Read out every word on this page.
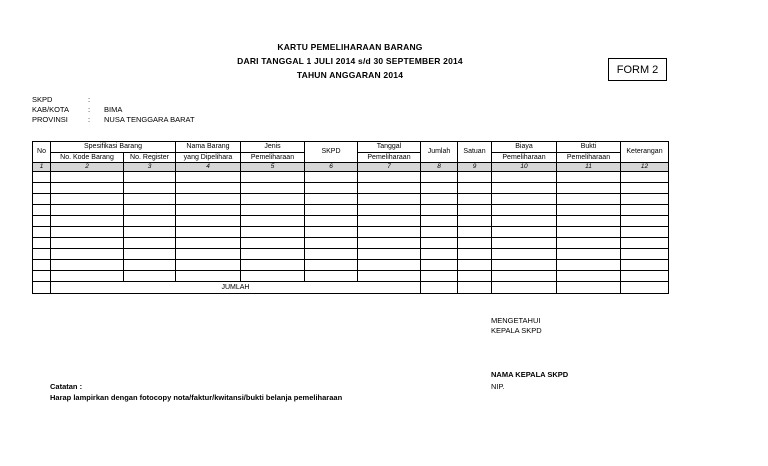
KARTU PEMELIHARAAN BARANG
DARI TANGGAL 1 JULI 2014 s/d 30 SEPTEMBER 2014
TAHUN ANGGARAN 2014	FORM 2
SKPD	:
KAB/KOTA	: BIMA
PROVINSI	: NUSA TENGGARA BARAT
No	Spesifikasi Barang		Nama Barang	Jenis	SKPD	Tanggal	Jumlah	Satuan	Biaya	Bukti	Keterangan
	No. Kode Barang	No. Register	yang Dipelihara	Pemeliharaan		Pemeliharaan			Pemeliharaan	Pemeliharaan	
1	2	3	4	5	6	7	8	9	10	11	12

	JUMLAH										
MENGETAHUI
KEPALA SKPD
NAMA KEPALA SKPD
NIP.
Catatan :
Harap lampirkan dengan fotocopy nota/faktur/kwitansi/bukti belanja pemeliharaan
